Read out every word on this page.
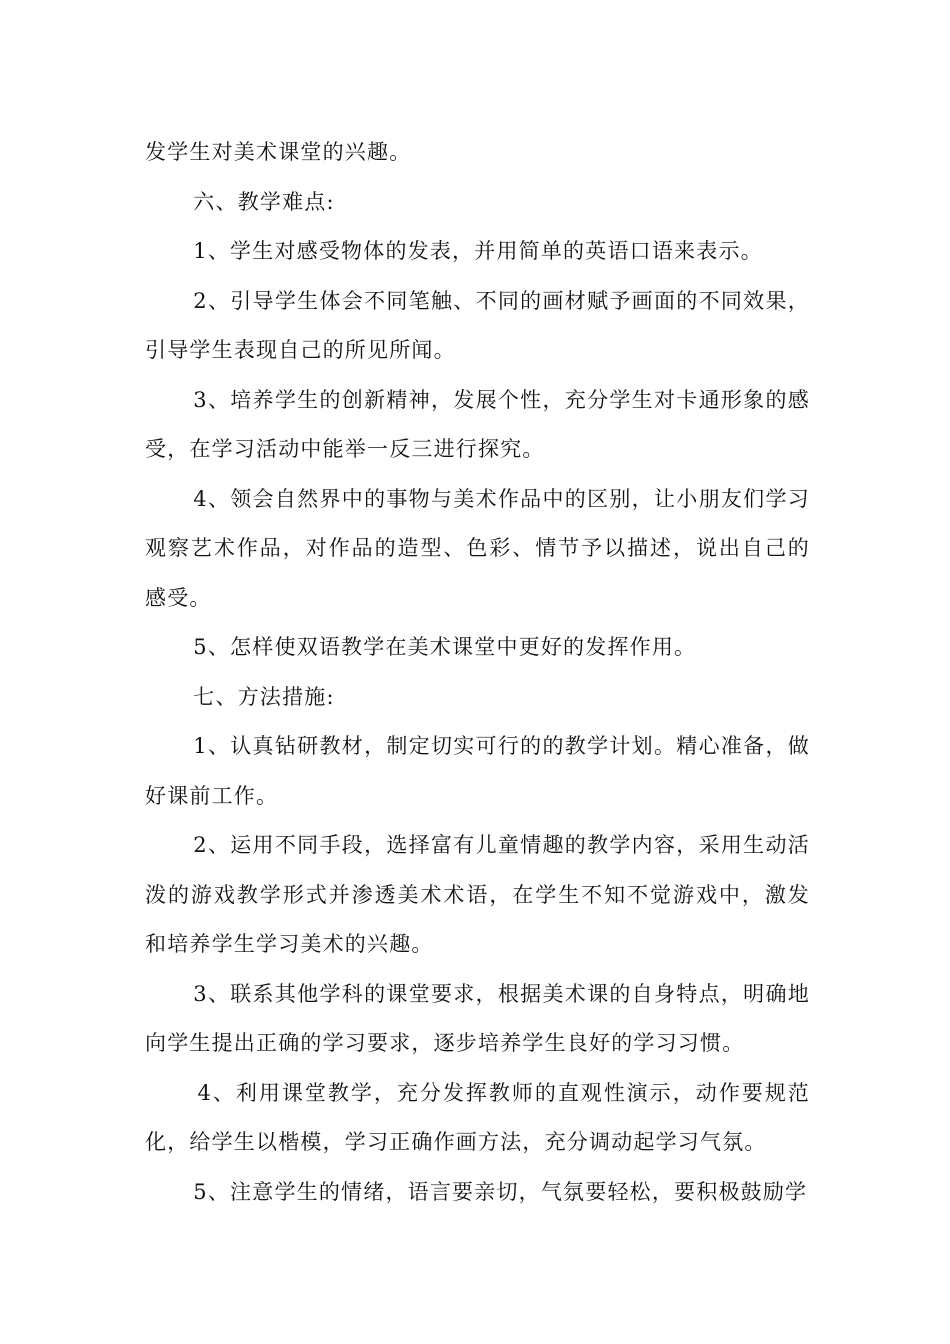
发学生对美术课堂的兴趣。

六、教学难点:

1、学生对感受物体的发表，并用简单的英语口语来表示。

2、引导学生体会不同笔触、不同的画材赋予画面的不同效果，引导学生表现自己的所见所闻。

3、培养学生的创新精神，发展个性，充分学生对卡通形象的感受，在学习活动中能举一反三进行探究。

4、领会自然界中的事物与美术作品中的区别，让小朋友们学习观察艺术作品，对作品的造型、色彩、情节予以描述，说出自己的感受。

5、怎样使双语教学在美术课堂中更好的发挥作用。

七、方法措施:

1、认真钻研教材，制定切实可行的的教学计划。精心准备，做好课前工作。

2、运用不同手段，选择富有儿童情趣的教学内容，采用生动活泼的游戏教学形式并渗透美术术语，在学生不知不觉游戏中，激发和培养学生学习美术的兴趣。

3、联系其他学科的课堂要求，根据美术课的自身特点，明确地向学生提出正确的学习要求，逐步培养学生良好的学习习惯。

4、利用课堂教学，充分发挥教师的直观性演示，动作要规范化，给学生以楷模，学习正确作画方法，充分调动起学习气氛。

5、注意学生的情绪，语言要亲切，气氛要轻松，要积极鼓励学
